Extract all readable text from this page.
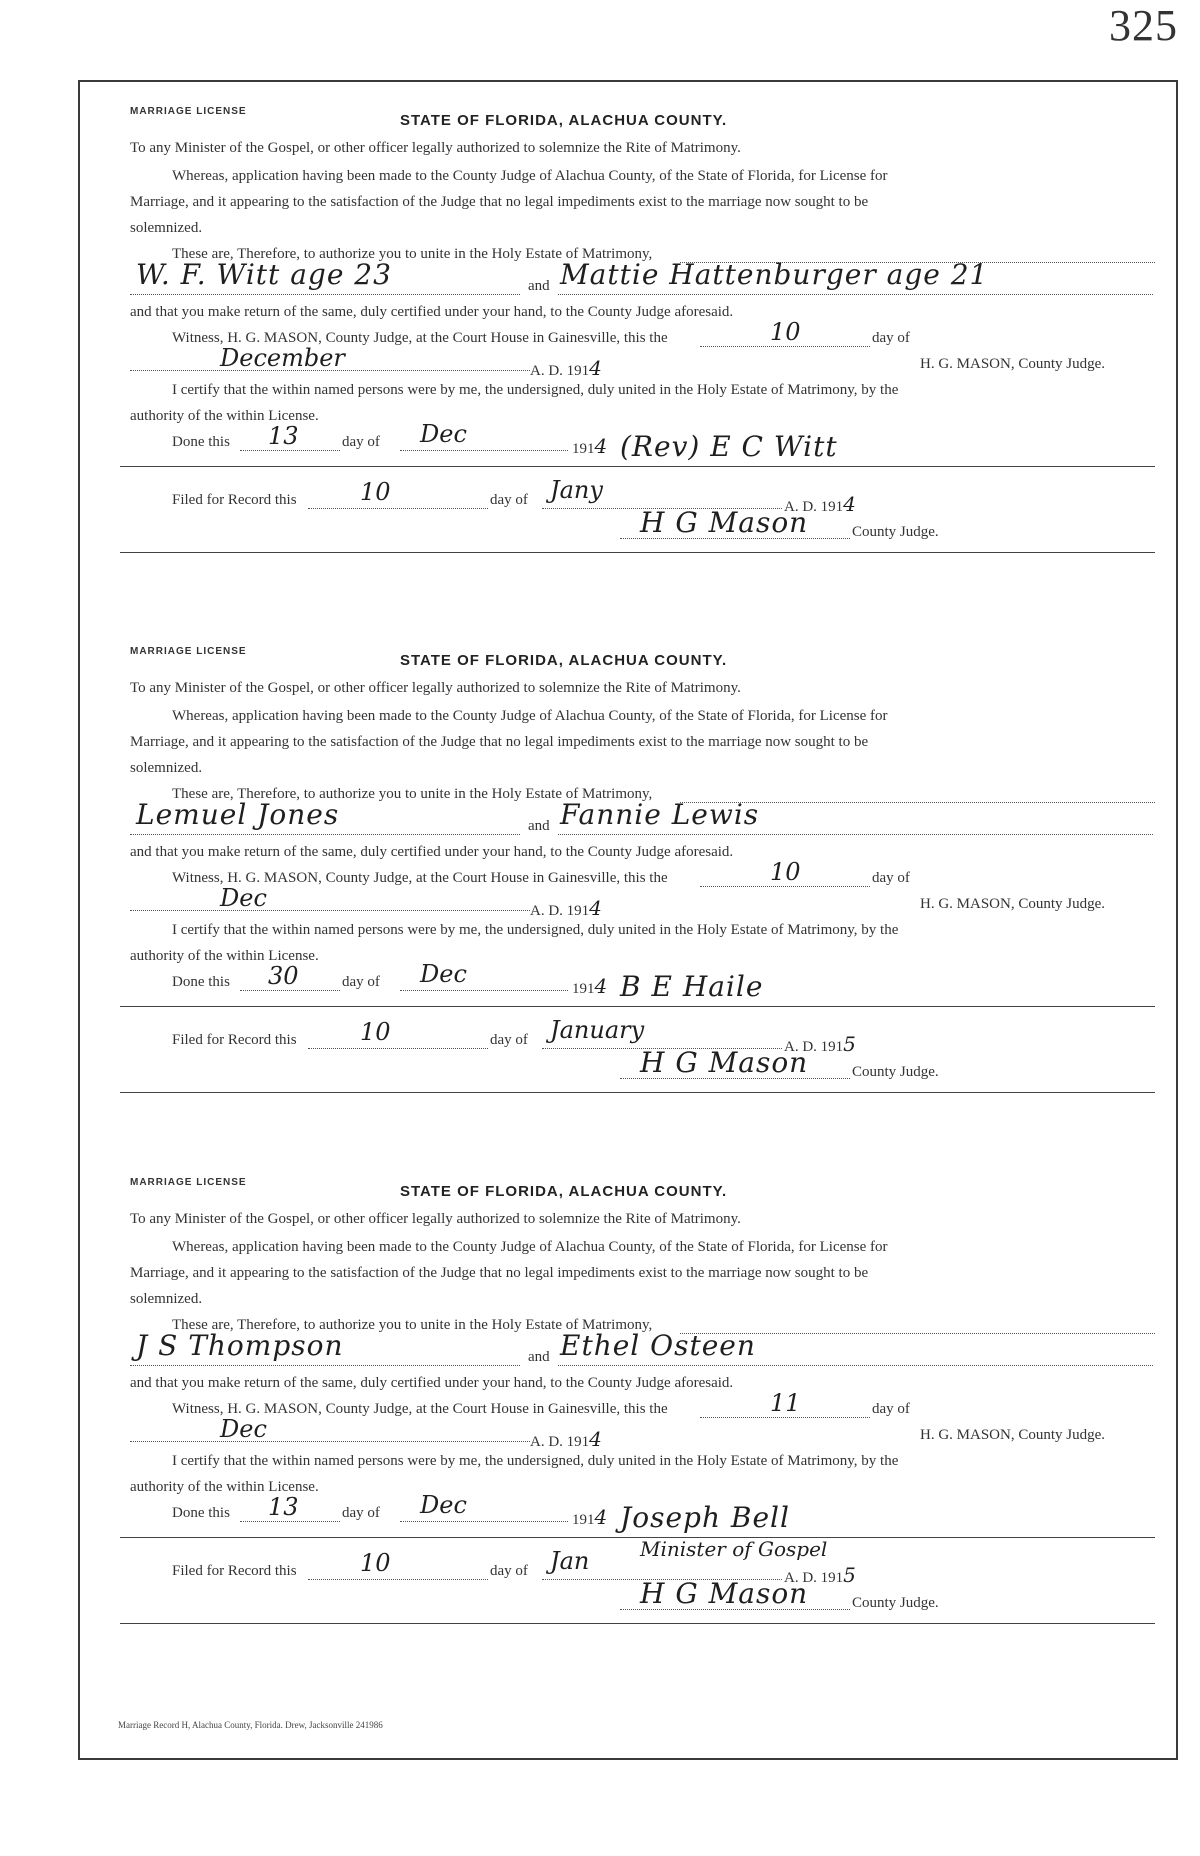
325
MARRIAGE LICENSE
STATE OF FLORIDA, ALACHUA COUNTY.
To any Minister of the Gospel, or other officer legally authorized to solemnize the Rite of Matrimony.
Whereas, application having been made to the County Judge of Alachua County, of the State of Florida, for License for
Marriage, and it appearing to the satisfaction of the Judge that no legal impediments exist to the marriage now sought to be
solemnized.
These are, Therefore, to authorize you to unite in the Holy Estate of Matrimony,
W. F. Witt age 23	and Mattie Hattenburger age 21
and that you make return of the same, duly certified under your hand, to the County Judge aforesaid.
Witness, H. G. MASON, County Judge, at the Court House in Gainesville, this the	10	day of
December	A. D. 1914	H. G. MASON, County Judge.
I certify that the within named persons were by me, the undersigned, duly united in the Holy Estate of Matrimony, by the
authority of the within License.
Done this 13	day of Dec
1914 (Rev) E C Witt
Filed for Record this	10	day of Jany
A. D. 1914
H G Mason	County Judge.
MARRIAGE LICENSE
STATE OF FLORIDA, ALACHUA COUNTY.
To any Minister of the Gospel, or other officer legally authorized to solemnize the Rite of Matrimony.
Whereas, application having been made to the County Judge of Alachua County, of the State of Florida, for License for
Marriage, and it appearing to the satisfaction of the Judge that no legal impediments exist to the marriage now sought to be
solemnized.
These are, Therefore, to authorize you to unite in the Holy Estate of Matrimony,
Lemuel Jones	and Fannie Lewis
and that you make return of the same, duly certified under your hand, to the County Judge aforesaid.
Witness, H. G. MASON, County Judge, at the Court House in Gainesville, this the	10	day of
Dec	A. D. 1914	H. G. MASON, County Judge.
I certify that the within named persons were by me, the undersigned, duly united in the Holy Estate of Matrimony, by the
authority of the within License.
Done this 30	day of Dec
1914 B E Haile
Filed for Record this	10	day of January
A. D. 1915
H G Mason	County Judge.
MARRIAGE LICENSE
STATE OF FLORIDA, ALACHUA COUNTY.
To any Minister of the Gospel, or other officer legally authorized to solemnize the Rite of Matrimony.
Whereas, application having been made to the County Judge of Alachua County, of the State of Florida, for License for
Marriage, and it appearing to the satisfaction of the Judge that no legal impediments exist to the marriage now sought to be
solemnized.
These are, Therefore, to authorize you to unite in the Holy Estate of Matrimony,
J S Thompson	and Ethel Osteen
and that you make return of the same, duly certified under your hand, to the County Judge aforesaid.
Witness, H. G. MASON, County Judge, at the Court House in Gainesville, this the	11	day of
Dec	A. D. 1914	H. G. MASON, County Judge.
I certify that the within named persons were by me, the undersigned, duly united in the Holy Estate of Matrimony, by the
authority of the within License.
Done this 13	day of Dec
1914 Joseph Bell
Minister of Gospel
Filed for Record this	10	day of Jan
A. D. 1915
H G Mason	County Judge.
Marriage Record H, Alachua County, Florida. Drew, Jacksonville 241986
